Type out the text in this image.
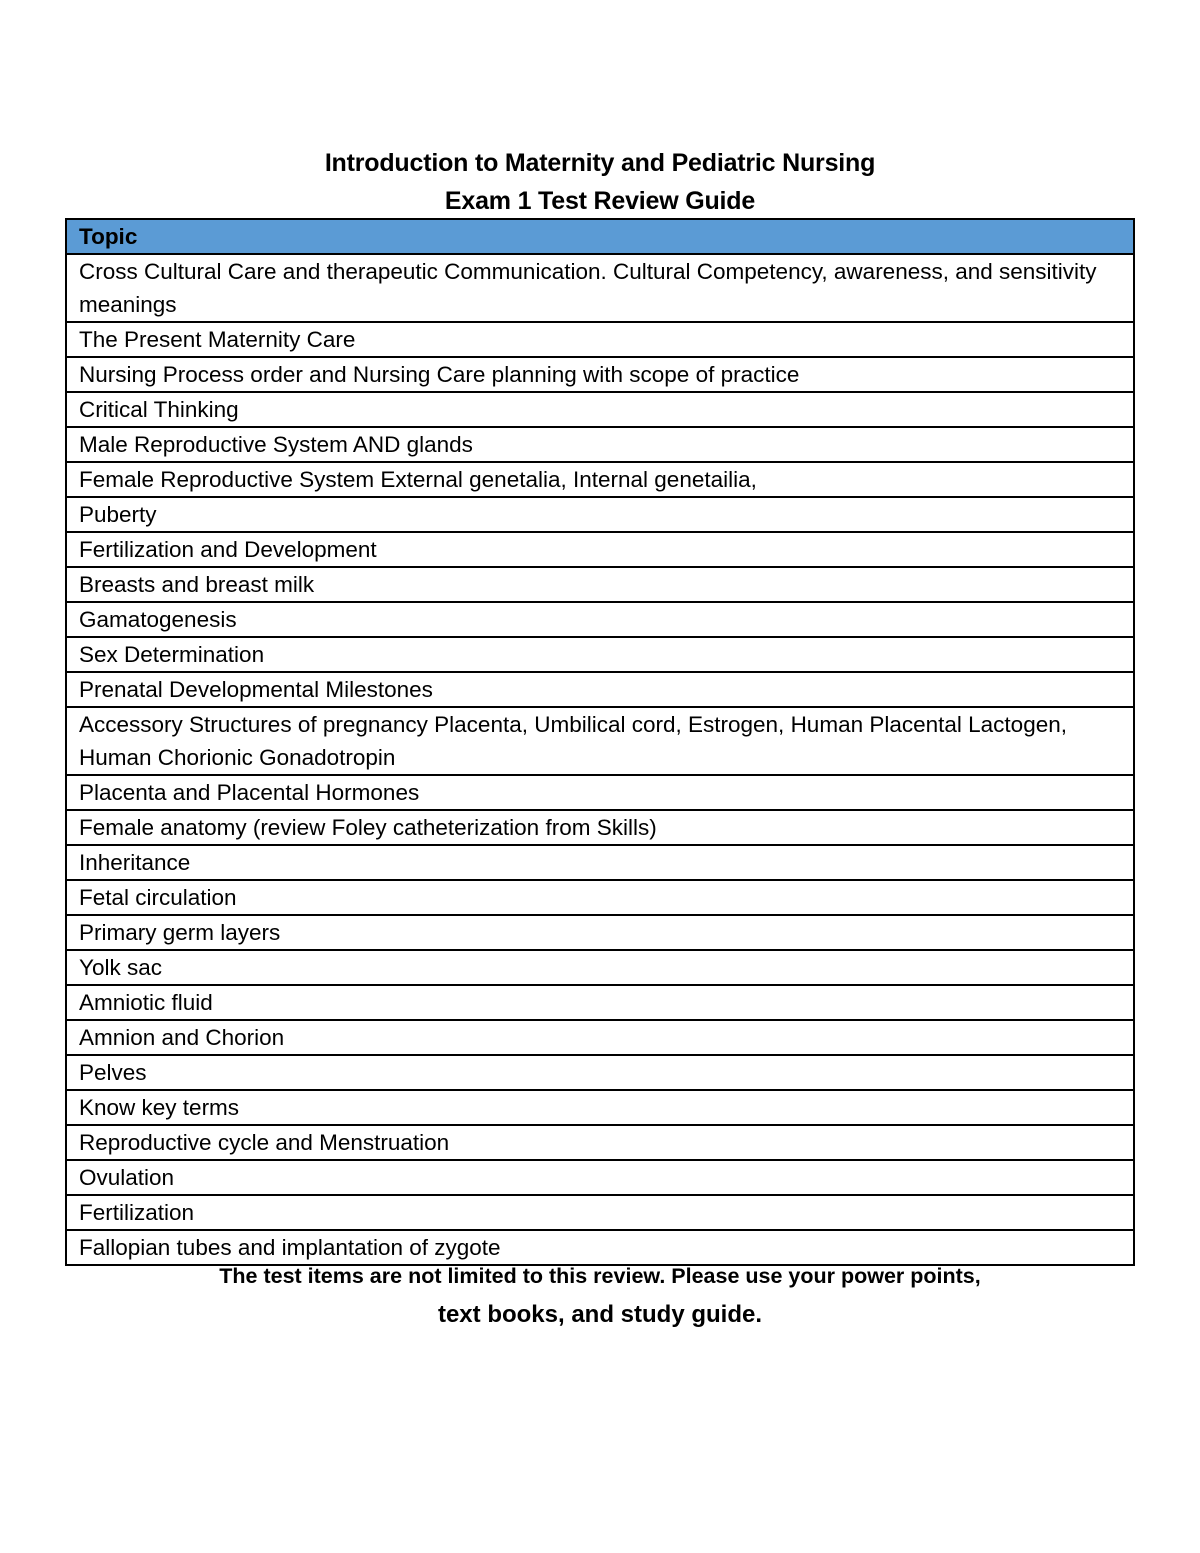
Introduction to Maternity and Pediatric Nursing
Exam 1 Test Review Guide
Topic
Cross Cultural Care and therapeutic Communication. Cultural Competency, awareness, and sensitivity meanings
The Present Maternity Care
Nursing Process order and Nursing Care planning with scope of practice
Critical Thinking
Male Reproductive System AND glands
Female Reproductive System External genetalia, Internal genetailia,
Puberty
Fertilization and Development
Breasts and breast milk
Gamatogenesis
Sex Determination
Prenatal Developmental Milestones
Accessory Structures of pregnancy Placenta, Umbilical cord, Estrogen, Human Placental Lactogen, Human Chorionic Gonadotropin
Placenta and Placental Hormones
Female anatomy (review Foley catheterization from Skills)
Inheritance
Fetal circulation
Primary germ layers
Yolk sac
Amniotic fluid
Amnion and Chorion
Pelves
Know key terms
Reproductive cycle and Menstruation
Ovulation
Fertilization
Fallopian tubes and implantation of zygote
The test items are not limited to this review. Please use your power points,
text books, and study guide.
